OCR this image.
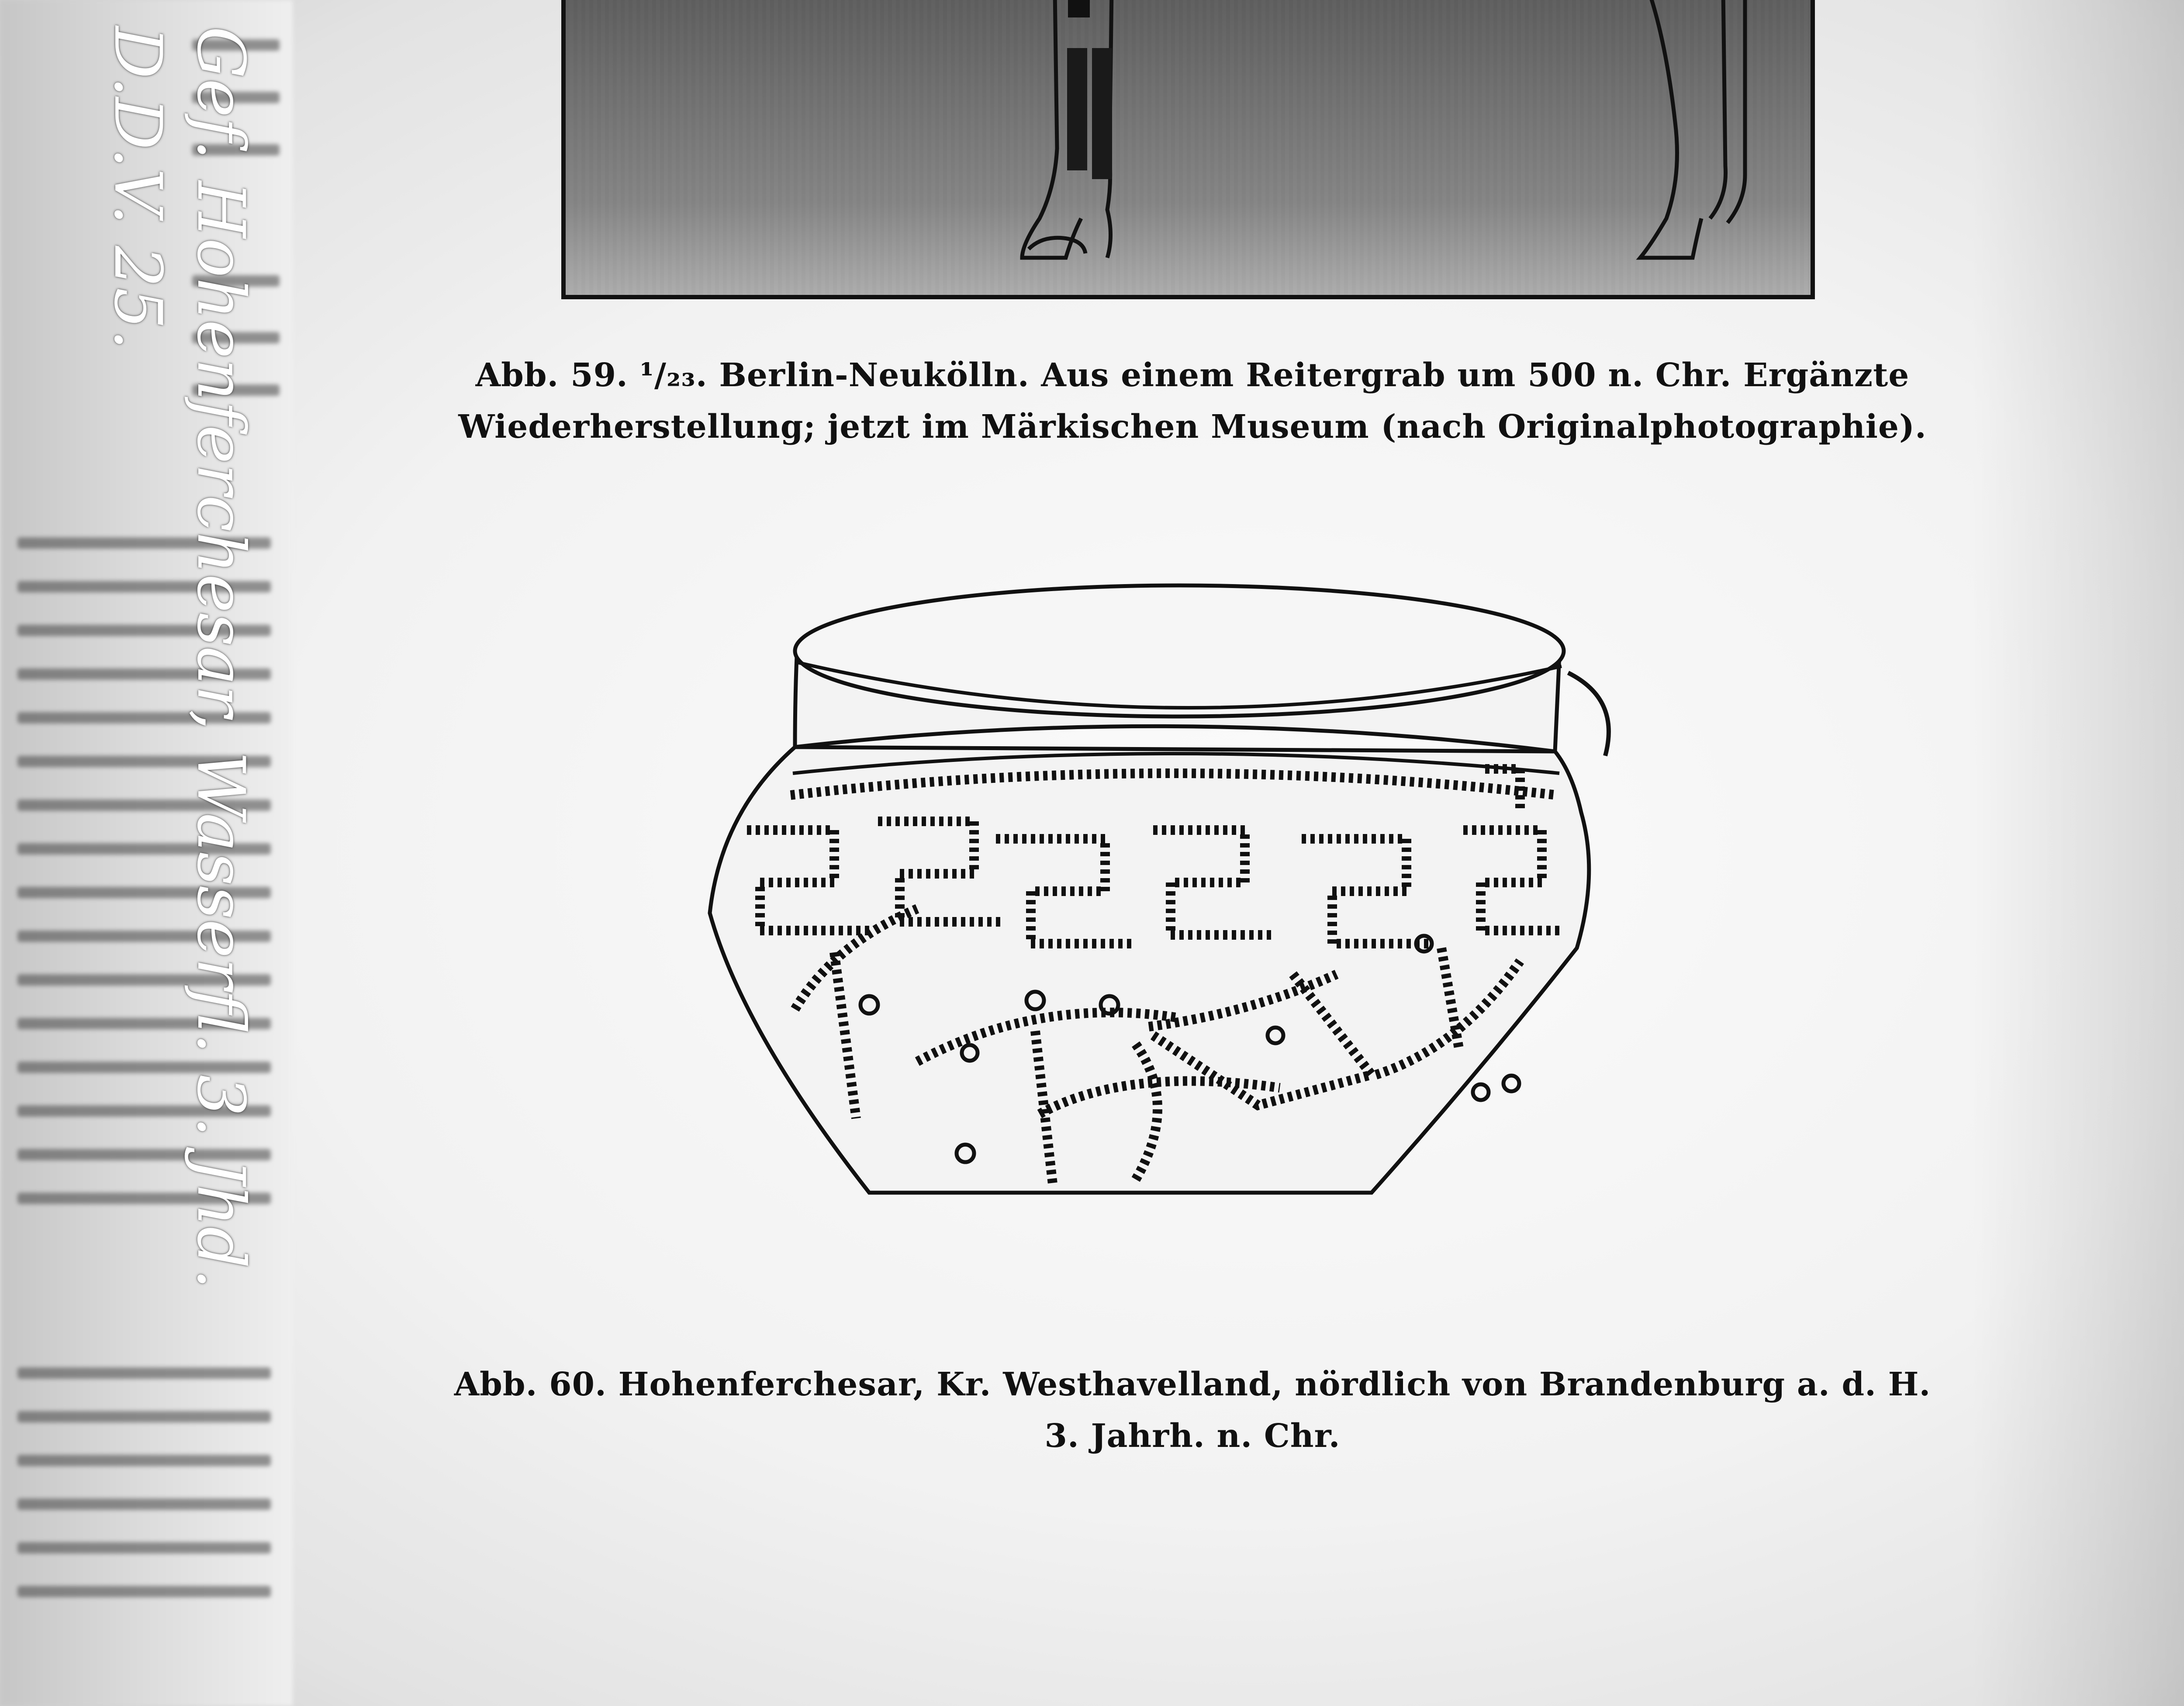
Gef. Hohenferchesar, Wasserfl. 3. Jhd.
D.D.V. 25.
Abb. 59. ¹/₂₃. Berlin-Neukölln. Aus einem Reitergrab um 500 n. Chr. Ergänzte
Wiederherstellung; jetzt im Märkischen Museum (nach Originalphotographie).
Abb. 60. Hohenferchesar, Kr. Westhavelland, nördlich von Brandenburg a. d. H.
3. Jahrh. n. Chr.
